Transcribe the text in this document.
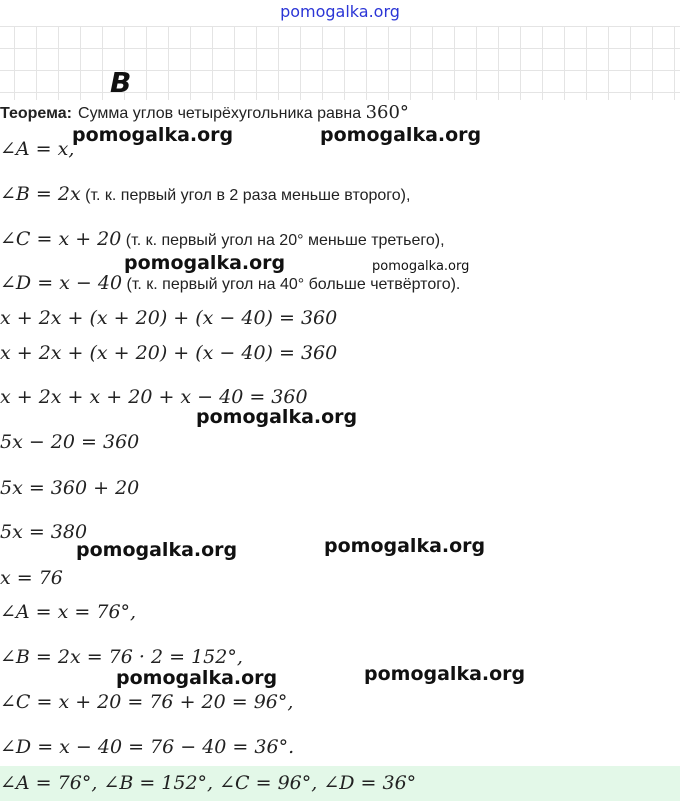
pomogalka.org
В
Теорема: Сумма углов четырёхугольника равна 360°
∠A = x,
∠B = 2x (т. к. первый угол в 2 раза меньше второго),
∠C = x + 20 (т. к. первый угол на 20° меньше третьего),
∠D = x − 40 (т. к. первый угол на 40° больше четвёртого).
x + 2x + (x + 20) + (x − 40) = 360
x + 2x + (x + 20) + (x − 40) = 360
x + 2x + x + 20 + x − 40 = 360
5x − 20 = 360
5x = 360 + 20
5x = 380
x = 76
∠A = x = 76°,
∠B = 2x = 76 · 2 = 152°,
∠C = x + 20 = 76 + 20 = 96°,
∠D = x − 40 = 76 − 40 = 36°.
∠A = 76°, ∠B = 152°, ∠C = 96°, ∠D = 36°
pomogalka.org	pomogalka.org
pomogalka.org	pomogalka.org
pomogalka.org
pomogalka.org	pomogalka.org
pomogalka.org	pomogalka.org
